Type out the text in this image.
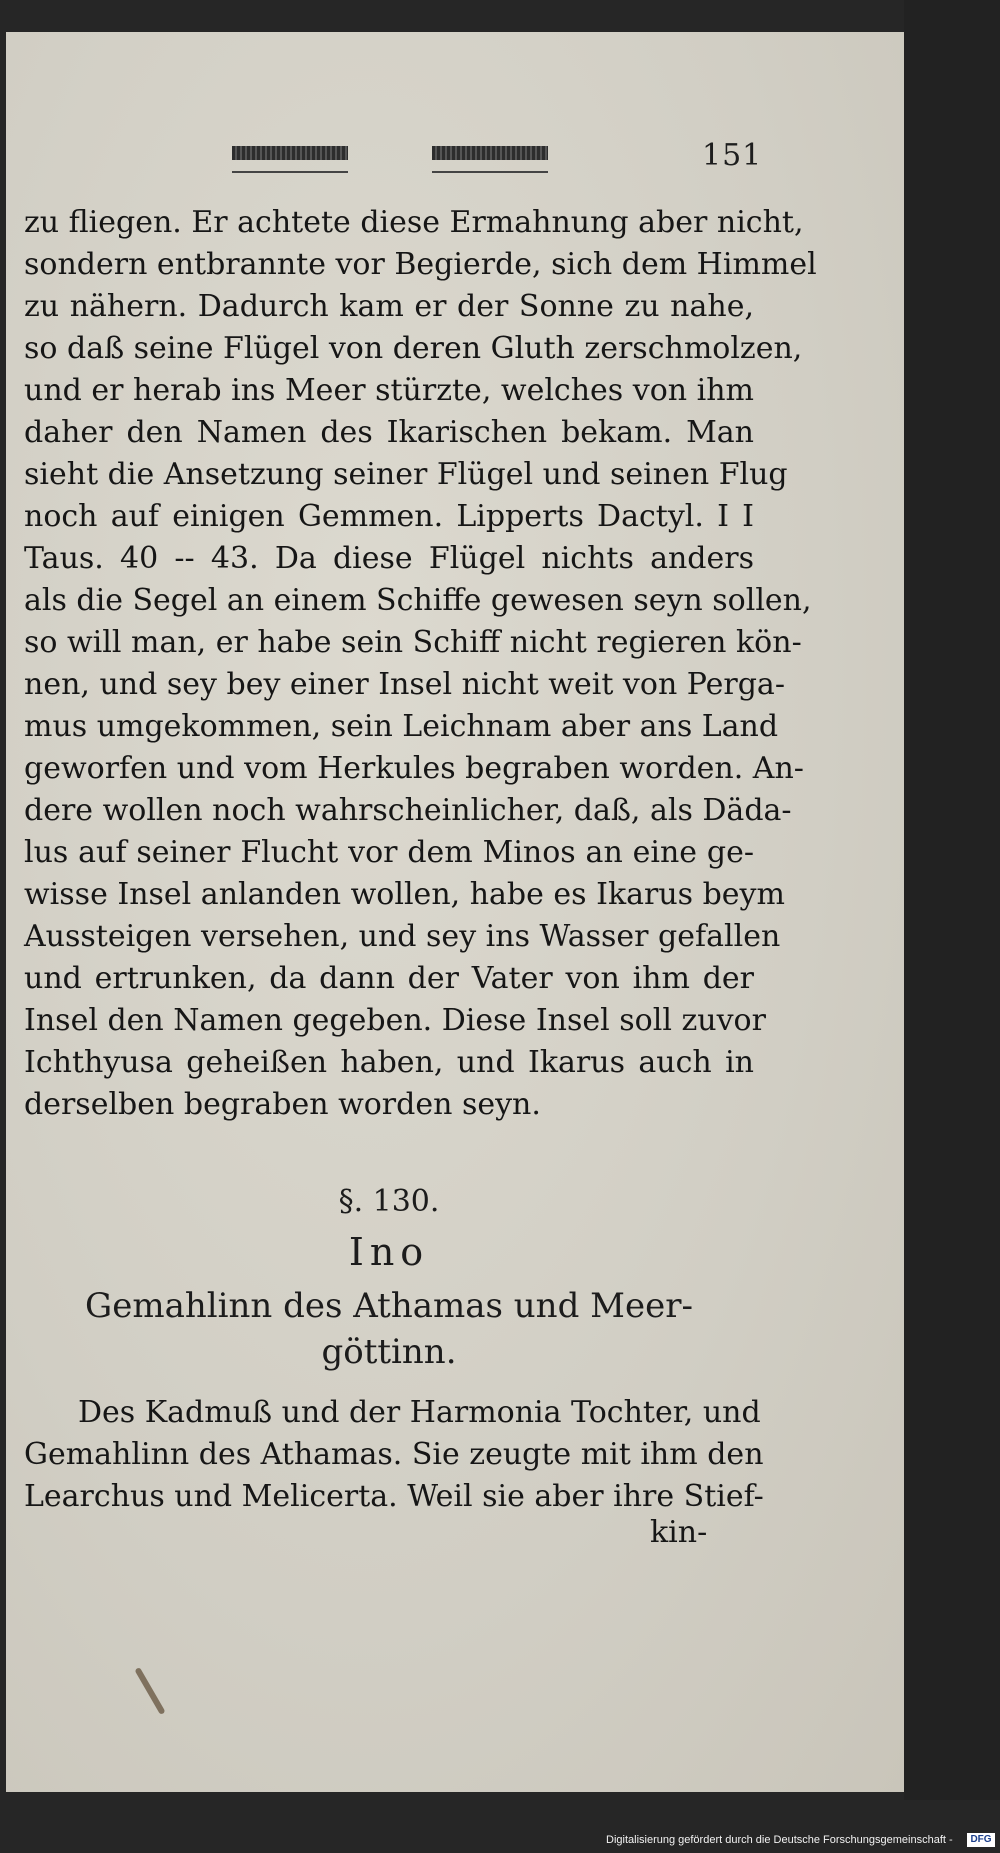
151
zu fliegen. Er achtete diese Ermahnung aber nicht,
sondern entbrannte vor Begierde, sich dem Himmel
zu nähern. Dadurch kam er der Sonne zu nahe,
so daß seine Flügel von deren Gluth zerschmolzen,
und er herab ins Meer stürzte, welches von ihm
daher den Namen des Ikarischen bekam. Man
sieht die Ansetzung seiner Flügel und seinen Flug
noch auf einigen Gemmen. Lipperts Dactyl. I I
Taus. 40 -- 43. Da diese Flügel nichts anders
als die Segel an einem Schiffe gewesen seyn sollen,
so will man, er habe sein Schiff nicht regieren kön-
nen, und sey bey einer Insel nicht weit von Perga-
mus umgekommen, sein Leichnam aber ans Land
geworfen und vom Herkules begraben worden. An-
dere wollen noch wahrscheinlicher, daß, als Däda-
lus auf seiner Flucht vor dem Minos an eine ge-
wisse Insel anlanden wollen, habe es Ikarus beym
Aussteigen versehen, und sey ins Wasser gefallen
und ertrunken, da dann der Vater von ihm der
Insel den Namen gegeben. Diese Insel soll zuvor
Ichthyusa geheißen haben, und Ikarus auch in
derselben begraben worden seyn.
§. 130.
Ino
Gemahlinn des Athamas und Meer-
göttinn.
Des Kadmuß und der Harmonia Tochter, und
Gemahlinn des Athamas. Sie zeugte mit ihm den
Learchus und Melicerta. Weil sie aber ihre Stief-
kin-
Digitalisierung gefördert durch die Deutsche Forschungsgemeinschaft -	DFG
